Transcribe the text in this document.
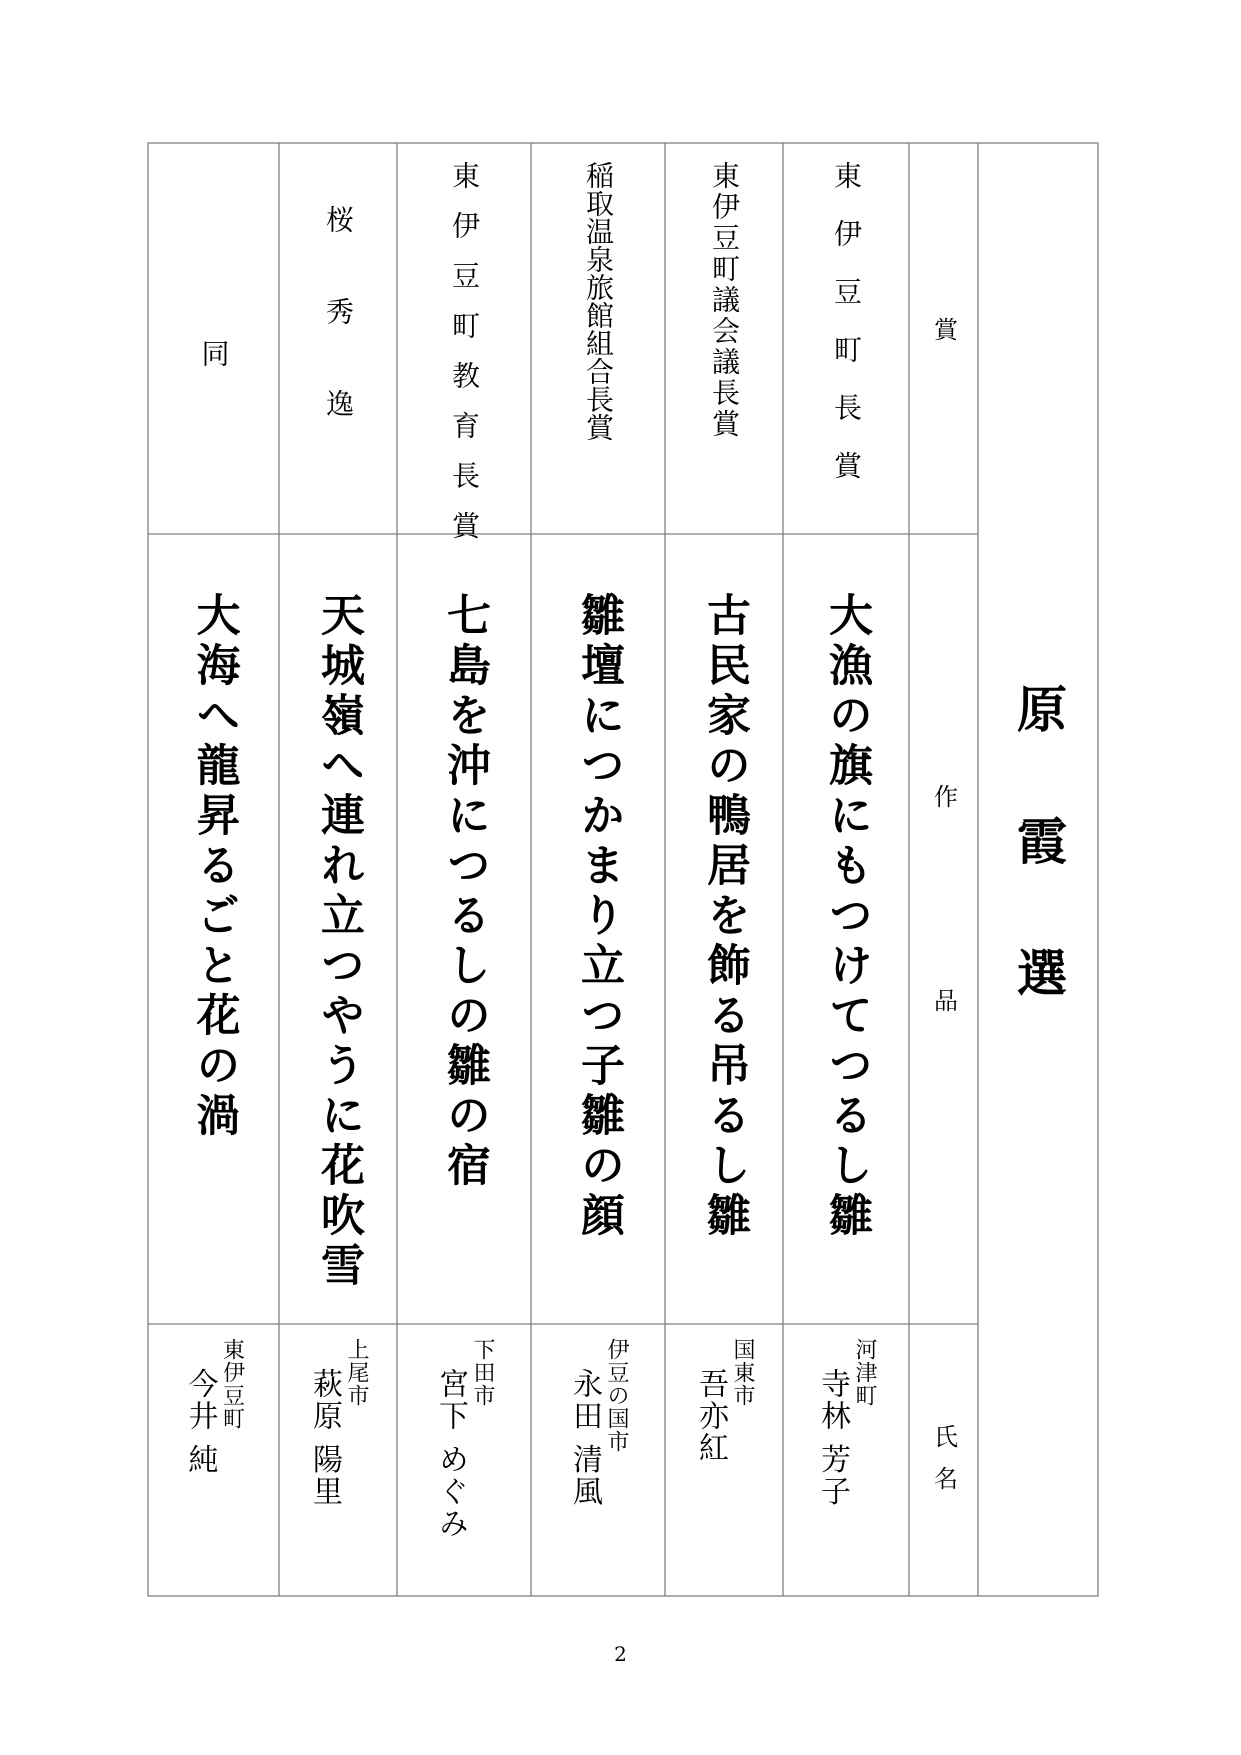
原霞選
賞
作品
氏名
東伊豆町長賞
大漁の旗にもつけてつるし雛
河津町
寺林 芳子
東伊豆町議会議長賞
古民家の鴨居を飾る吊るし雛
国東市
吾亦紅
稲取温泉旅館組合長賞
雛壇につかまり立つ子雛の顔
伊豆の国市
永田 清風
東伊豆町教育長賞
七島を沖につるしの雛の宿
下田市
宮下 めぐみ
桜秀逸
天城嶺へ連れ立つやうに花吹雪
上尾市
萩原 陽里
同
大海へ龍昇るごと花の渦
東伊豆町
今井 純
2
